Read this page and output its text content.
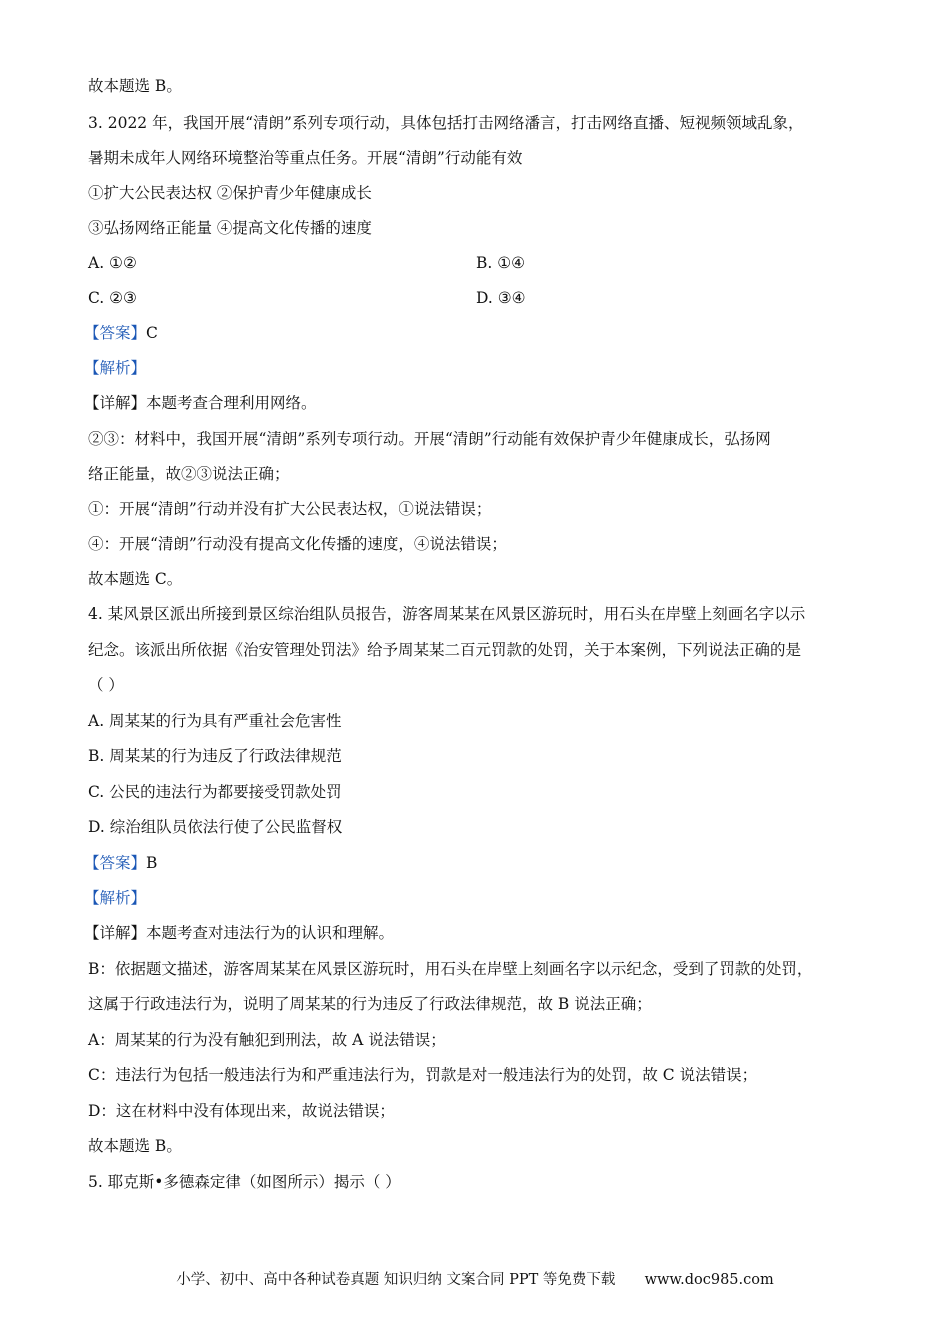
故本题选 B。
3. 2022 年，我国开展“清朗”系列专项行动，具体包括打击网络潘言，打击网络直播、短视频领域乱象，
暑期未成年人网络环境整治等重点任务。开展“清朗”行动能有效
①扩大公民表达权 ②保护青少年健康成长
③弘扬网络正能量 ④提高文化传播的速度
A. ①②	B. ①④
C. ②③	D. ③④
【答案】C
【解析】
【详解】本题考查合理利用网络。
②③：材料中，我国开展“清朗”系列专项行动。开展“清朗”行动能有效保护青少年健康成长，弘扬网
络正能量，故②③说法正确；
①：开展“清朗”行动并没有扩大公民表达权，①说法错误；
④：开展“清朗”行动没有提高文化传播的速度，④说法错误；
故本题选 C。
4. 某风景区派出所接到景区综治组队员报告，游客周某某在风景区游玩时，用石头在岸壁上刻画名字以示
纪念。该派出所依据《治安管理处罚法》给予周某某二百元罚款的处罚，关于本案例，下列说法正确的是
（ ）
A. 周某某的行为具有严重社会危害性
B. 周某某的行为违反了行政法律规范
C. 公民的违法行为都要接受罚款处罚
D. 综治组队员依法行使了公民监督权
【答案】B
【解析】
【详解】本题考查对违法行为的认识和理解。
B：依据题文描述，游客周某某在风景区游玩时，用石头在岸壁上刻画名字以示纪念，受到了罚款的处罚，
这属于行政违法行为，说明了周某某的行为违反了行政法律规范，故 B 说法正确；
A：周某某的行为没有触犯到刑法，故 A 说法错误；
C：违法行为包括一般违法行为和严重违法行为，罚款是对一般违法行为的处罚，故 C 说法错误；
D：这在材料中没有体现出来，故说法错误；
故本题选 B。
5. 耶克斯•多德森定律（如图所示）揭示（ ）
小学、初中、高中各种试卷真题 知识归纳 文案合同 PPT 等免费下载 www.doc985.com
